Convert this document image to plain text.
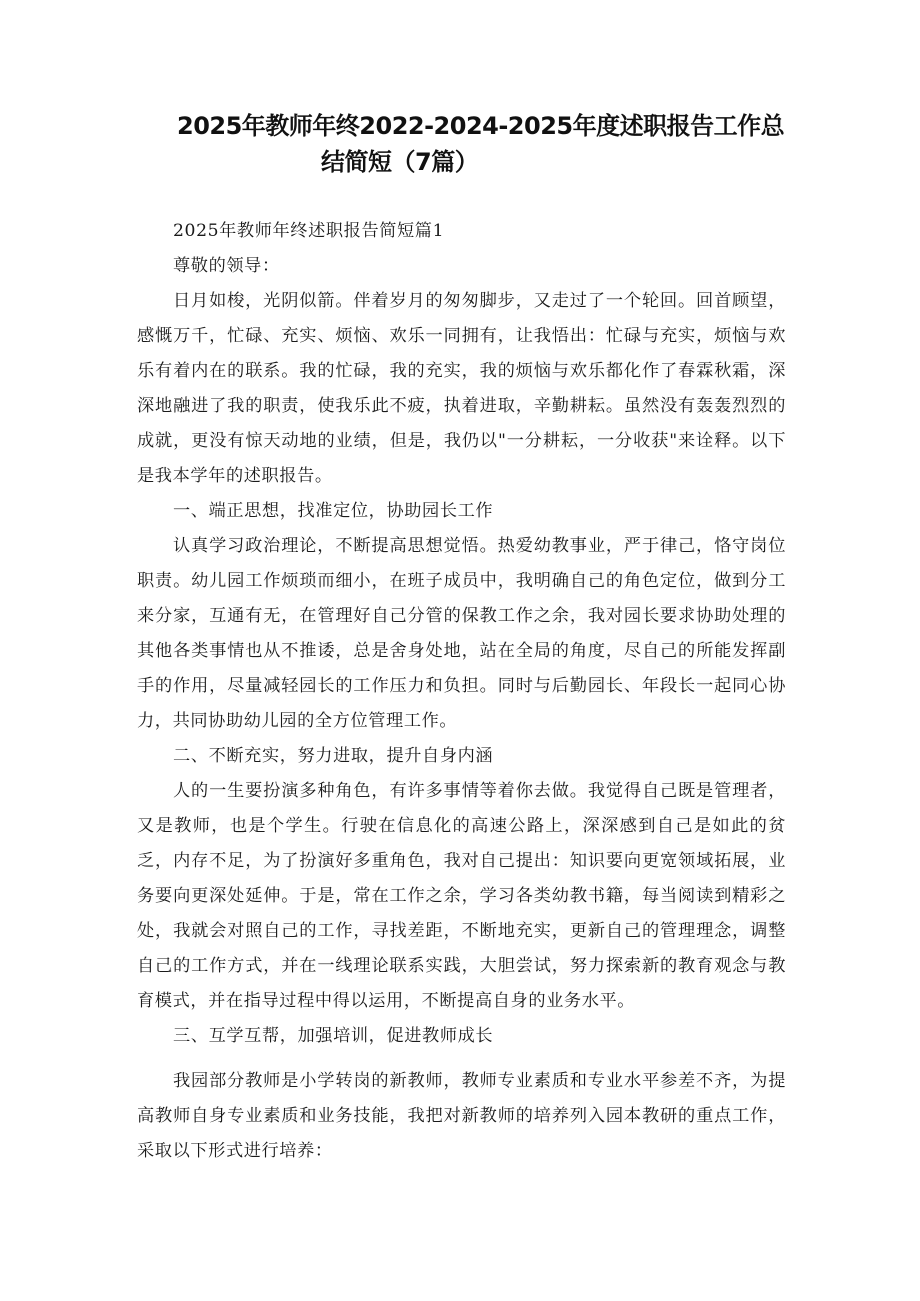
2025年教师年终2022-2024-2025年度述职报告工作总
结简短（7篇）

2025年教师年终述职报告简短篇1

尊敬的领导：

日月如梭，光阴似箭。伴着岁月的匆匆脚步，又走过了一个轮回。回首顾望，感慨万千，忙碌、充实、烦恼、欢乐一同拥有，让我悟出：忙碌与充实，烦恼与欢乐有着内在的联系。我的忙碌，我的充实，我的烦恼与欢乐都化作了春霖秋霜，深深地融进了我的职责，使我乐此不疲，执着进取，辛勤耕耘。虽然没有轰轰烈烈的成就，更没有惊天动地的业绩，但是，我仍以"一分耕耘，一分收获"来诠释。以下是我本学年的述职报告。

一、端正思想，找准定位，协助园长工作

认真学习政治理论，不断提高思想觉悟。热爱幼教事业，严于律己，恪守岗位职责。幼儿园工作烦琐而细小，在班子成员中，我明确自己的角色定位，做到分工来分家，互通有无，在管理好自己分管的保教工作之余，我对园长要求协助处理的其他各类事情也从不推诿，总是舍身处地，站在全局的角度，尽自己的所能发挥副手的作用，尽量减轻园长的工作压力和负担。同时与后勤园长、年段长一起同心协力，共同协助幼儿园的全方位管理工作。

二、不断充实，努力进取，提升自身内涵

人的一生要扮演多种角色，有许多事情等着你去做。我觉得自己既是管理者，又是教师，也是个学生。行驶在信息化的高速公路上，深深感到自己是如此的贫乏，内存不足，为了扮演好多重角色，我对自己提出：知识要向更宽领域拓展，业务要向更深处延伸。于是，常在工作之余，学习各类幼教书籍，每当阅读到精彩之处，我就会对照自己的工作，寻找差距，不断地充实，更新自己的管理理念，调整自己的工作方式，并在一线理论联系实践，大胆尝试，努力探索新的教育观念与教育模式，并在指导过程中得以运用，不断提高自身的业务水平。

三、互学互帮，加强培训，促进教师成长

我园部分教师是小学转岗的新教师，教师专业素质和专业水平参差不齐，为提高教师自身专业素质和业务技能，我把对新教师的培养列入园本教研的重点工作，采取以下形式进行培养：
